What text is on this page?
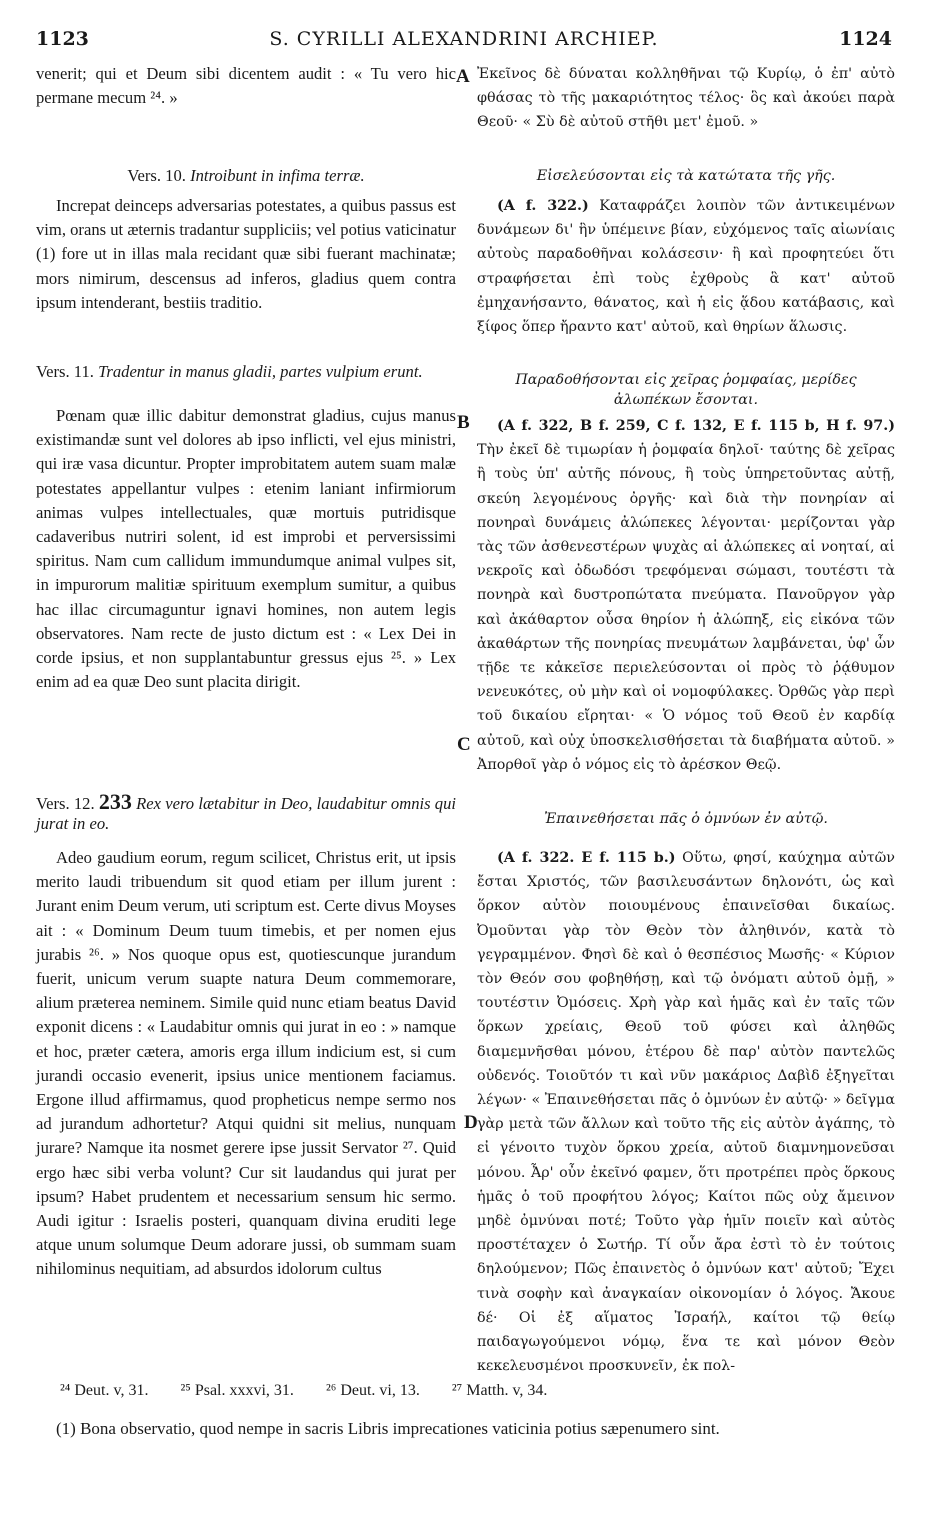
1123	S. CYRILLI ALEXANDRINI ARCHIEP.	1124

venerit; qui et Deum sibi dicentem audit : « Tu vero hic permane mecum ²⁴. »

Vers. 10. Introibunt in infima terræ.

Increpat deinceps adversarias potestates, a quibus passus est vim, orans ut æternis tradantur suppliciis; vel potius vaticinatur (1) fore ut in illas mala recidant quæ sibi fuerant machinatæ; mors nimirum, descensus ad inferos, gladius quem contra ipsum intenderant, bestiis traditio.

Vers. 11. Tradentur in manus gladii, partes vulpium erunt.

Pœnam quæ illic dabitur demonstrat gladius, cujus manus existimandæ sunt vel dolores ab ipso inflicti, vel ejus ministri, qui iræ vasa dicuntur. Propter improbitatem autem suam malæ potestates appellantur vulpes : etenim laniant infirmiorum animas vulpes intellectuales, quæ mortuis putridisque cadaveribus nutriri solent, id est improbi et perversissimi spiritus. Nam cum callidum immundumque animal vulpes sit, in impurorum malitiæ spirituum exemplum sumitur, a quibus hac illac circumaguntur ignavi homines, non autem legis observatores. Nam recte de justo dictum est : « Lex Dei in corde ipsius, et non supplantabuntur gressus ejus ²⁵. » Lex enim ad ea quæ Deo sunt placita dirigit.

Vers. 12. 233 Rex vero lætabitur in Deo, laudabitur omnis qui jurat in eo.

Adeo gaudium eorum, regum scilicet, Christus erit, ut ipsis merito laudi tribuendum sit quod etiam per illum jurent : Jurant enim Deum verum, uti scriptum est. Certe divus Moyses ait : « Dominum Deum tuum timebis, et per nomen ejus jurabis ²⁶. » Nos quoque opus est, quotiescunque jurandum fuerit, unicum verum suapte natura Deum commemorare, alium præterea neminem. Simile quid nunc etiam beatus David exponit dicens : « Laudabitur omnis qui jurat in eo : » namque et hoc, præter cætera, amoris erga illum indicium est, si cum jurandi occasio evenerit, ipsius unice mentionem faciamus. Ergone illud affirmamus, quod propheticus nempe sermo nos ad jurandum adhortetur? Atqui quidni sit melius, nunquam jurare? Namque ita nosmet gerere ipse jussit Servator ²⁷. Quid ergo hæc sibi verba volunt? Cur sit laudandus qui jurat per ipsum? Habet prudentem et necessarium sensum hic sermo. Audi igitur : Israelis posteri, quanquam divina eruditi lege atque unum solumque Deum adorare jussi, ob summam suam nihilominus nequitiam, ad absurdos idolorum cultus

A
B
C
D

Ἐκεῖνος δὲ δύναται κολληθῆναι τῷ Κυρίῳ, ὁ ἐπ' αὐτὸ φθάσας τὸ τῆς μακαριότητος τέλος· ὃς καὶ ἀκούει παρὰ Θεοῦ· « Σὺ δὲ αὐτοῦ στῆθι μετ' ἐμοῦ. »

Εἰσελεύσονται εἰς τὰ κατώτατα τῆς γῆς.

(A f. 322.) Καταφράζει λοιπὸν τῶν ἀντικειμένων δυνάμεων δι' ἣν ὑπέμεινε βίαν, εὐχόμενος ταῖς αἰωνίαις αὐτοὺς παραδοθῆναι κολάσεσιν· ἢ καὶ προφητεύει ὅτι στραφήσεται ἐπὶ τοὺς ἐχθροὺς ἃ κατ' αὐτοῦ ἐμηχανήσαντο, θάνατος, καὶ ἡ εἰς ᾅδου κατάβασις, καὶ ξίφος ὅπερ ἤραντο κατ' αὐτοῦ, καὶ θηρίων ἅλωσις.

Παραδοθήσονται εἰς χεῖρας ῥομφαίας, μερίδες ἀλωπέκων ἔσονται.

(A f. 322, B f. 259, C f. 132, E f. 115 b, H f. 97.) Τὴν ἐκεῖ δὲ τιμωρίαν ἡ ῥομφαία δηλοῖ· ταύτης δὲ χεῖρας ἢ τοὺς ὑπ' αὐτῆς πόνους, ἢ τοὺς ὑπηρετοῦντας αὐτῇ, σκεύη λεγομένους ὀργῆς· καὶ διὰ τὴν πονηρίαν αἱ πονηραὶ δυνάμεις ἀλώπεκες λέγονται· μερίζονται γὰρ τὰς τῶν ἀσθενεστέρων ψυχὰς αἱ ἀλώπεκες αἱ νοηταί, αἱ νεκροῖς καὶ ὀδωδόσι τρεφόμεναι σώμασι, τουτέστι τὰ πονηρὰ καὶ δυστροπώτατα πνεύματα. Πανοῦργον γὰρ καὶ ἀκάθαρτον οὖσα θηρίον ἡ ἀλώπηξ, εἰς εἰκόνα τῶν ἀκαθάρτων τῆς πονηρίας πνευμάτων λαμβάνεται, ὑφ' ὧν τῇδε τε κἀκεῖσε περιελεύσονται οἱ πρὸς τὸ ῥᾴθυμον νενευκότες, οὐ μὴν καὶ οἱ νομοφύλακες. Ὀρθῶς γὰρ περὶ τοῦ δικαίου εἴρηται· « Ὁ νόμος τοῦ Θεοῦ ἐν καρδίᾳ αὐτοῦ, καὶ οὐχ ὑποσκελισθήσεται τὰ διαβήματα αὐτοῦ. » Ἀπορθοῖ γὰρ ὁ νόμος εἰς τὸ ἀρέσκον Θεῷ.

Ἐπαινεθήσεται πᾶς ὁ ὀμνύων ἐν αὐτῷ.

(A f. 322. E f. 115 b.) Οὕτω, φησί, καύχημα αὐτῶν ἔσται Χριστός, τῶν βασιλευσάντων δηλονότι, ὡς καὶ ὅρκον αὐτὸν ποιουμένους ἐπαινεῖσθαι δικαίως. Ὀμοῦνται γὰρ τὸν Θεὸν τὸν ἀληθινόν, κατὰ τὸ γεγραμμένον. Φησὶ δὲ καὶ ὁ θεσπέσιος Μωσῆς· « Κύριον τὸν Θεόν σου φοβηθήσῃ, καὶ τῷ ὀνόματι αὐτοῦ ὀμῇ, » τουτέστιν Ὀμόσεις. Χρὴ γὰρ καὶ ἡμᾶς καὶ ἐν ταῖς τῶν ὅρκων χρείαις, Θεοῦ τοῦ φύσει καὶ ἀληθῶς διαμεμνῆσθαι μόνου, ἑτέρου δὲ παρ' αὐτὸν παντελῶς οὐδενός. Τοιοῦτόν τι καὶ νῦν μακάριος Δαβὶδ ἐξηγεῖται λέγων· « Ἐπαινεθήσεται πᾶς ὁ ὀμνύων ἐν αὐτῷ· » δεῖγμα γὰρ μετὰ τῶν ἄλλων καὶ τοῦτο τῆς εἰς αὐτὸν ἀγάπης, τὸ εἰ γένοιτο τυχὸν ὅρκου χρεία, αὐτοῦ διαμνημονεῦσαι μόνου. Ἆρ' οὖν ἐκεῖνό φαμεν, ὅτι προτρέπει πρὸς ὅρκους ἡμᾶς ὁ τοῦ προφήτου λόγος; Καίτοι πῶς οὐχ ἄμεινον μηδὲ ὀμνύναι ποτέ; Τοῦτο γὰρ ἡμῖν ποιεῖν καὶ αὐτὸς προστέταχεν ὁ Σωτήρ. Τί οὖν ἄρα ἐστὶ τὸ ἐν τούτοις δηλούμενον; Πῶς ἐπαινετὸς ὁ ὀμνύων κατ' αὐτοῦ; Ἔχει τινὰ σοφὴν καὶ ἀναγκαίαν οἰκονομίαν ὁ λόγος. Ἄκουε δέ· Οἱ ἐξ αἵματος Ἰσραήλ, καίτοι τῷ θείῳ παιδαγωγούμενοι νόμῳ, ἕνα τε καὶ μόνον Θεὸν κεκελευσμένοι προσκυνεῖν, ἐκ πολ-

²⁴ Deut. v, 31. ²⁵ Psal. xxxvi, 31. ²⁶ Deut. vi, 13. ²⁷ Matth. v, 34.

(1) Bona observatio, quod nempe in sacris Libris imprecationes vaticinia potius sæpenumero sint.
